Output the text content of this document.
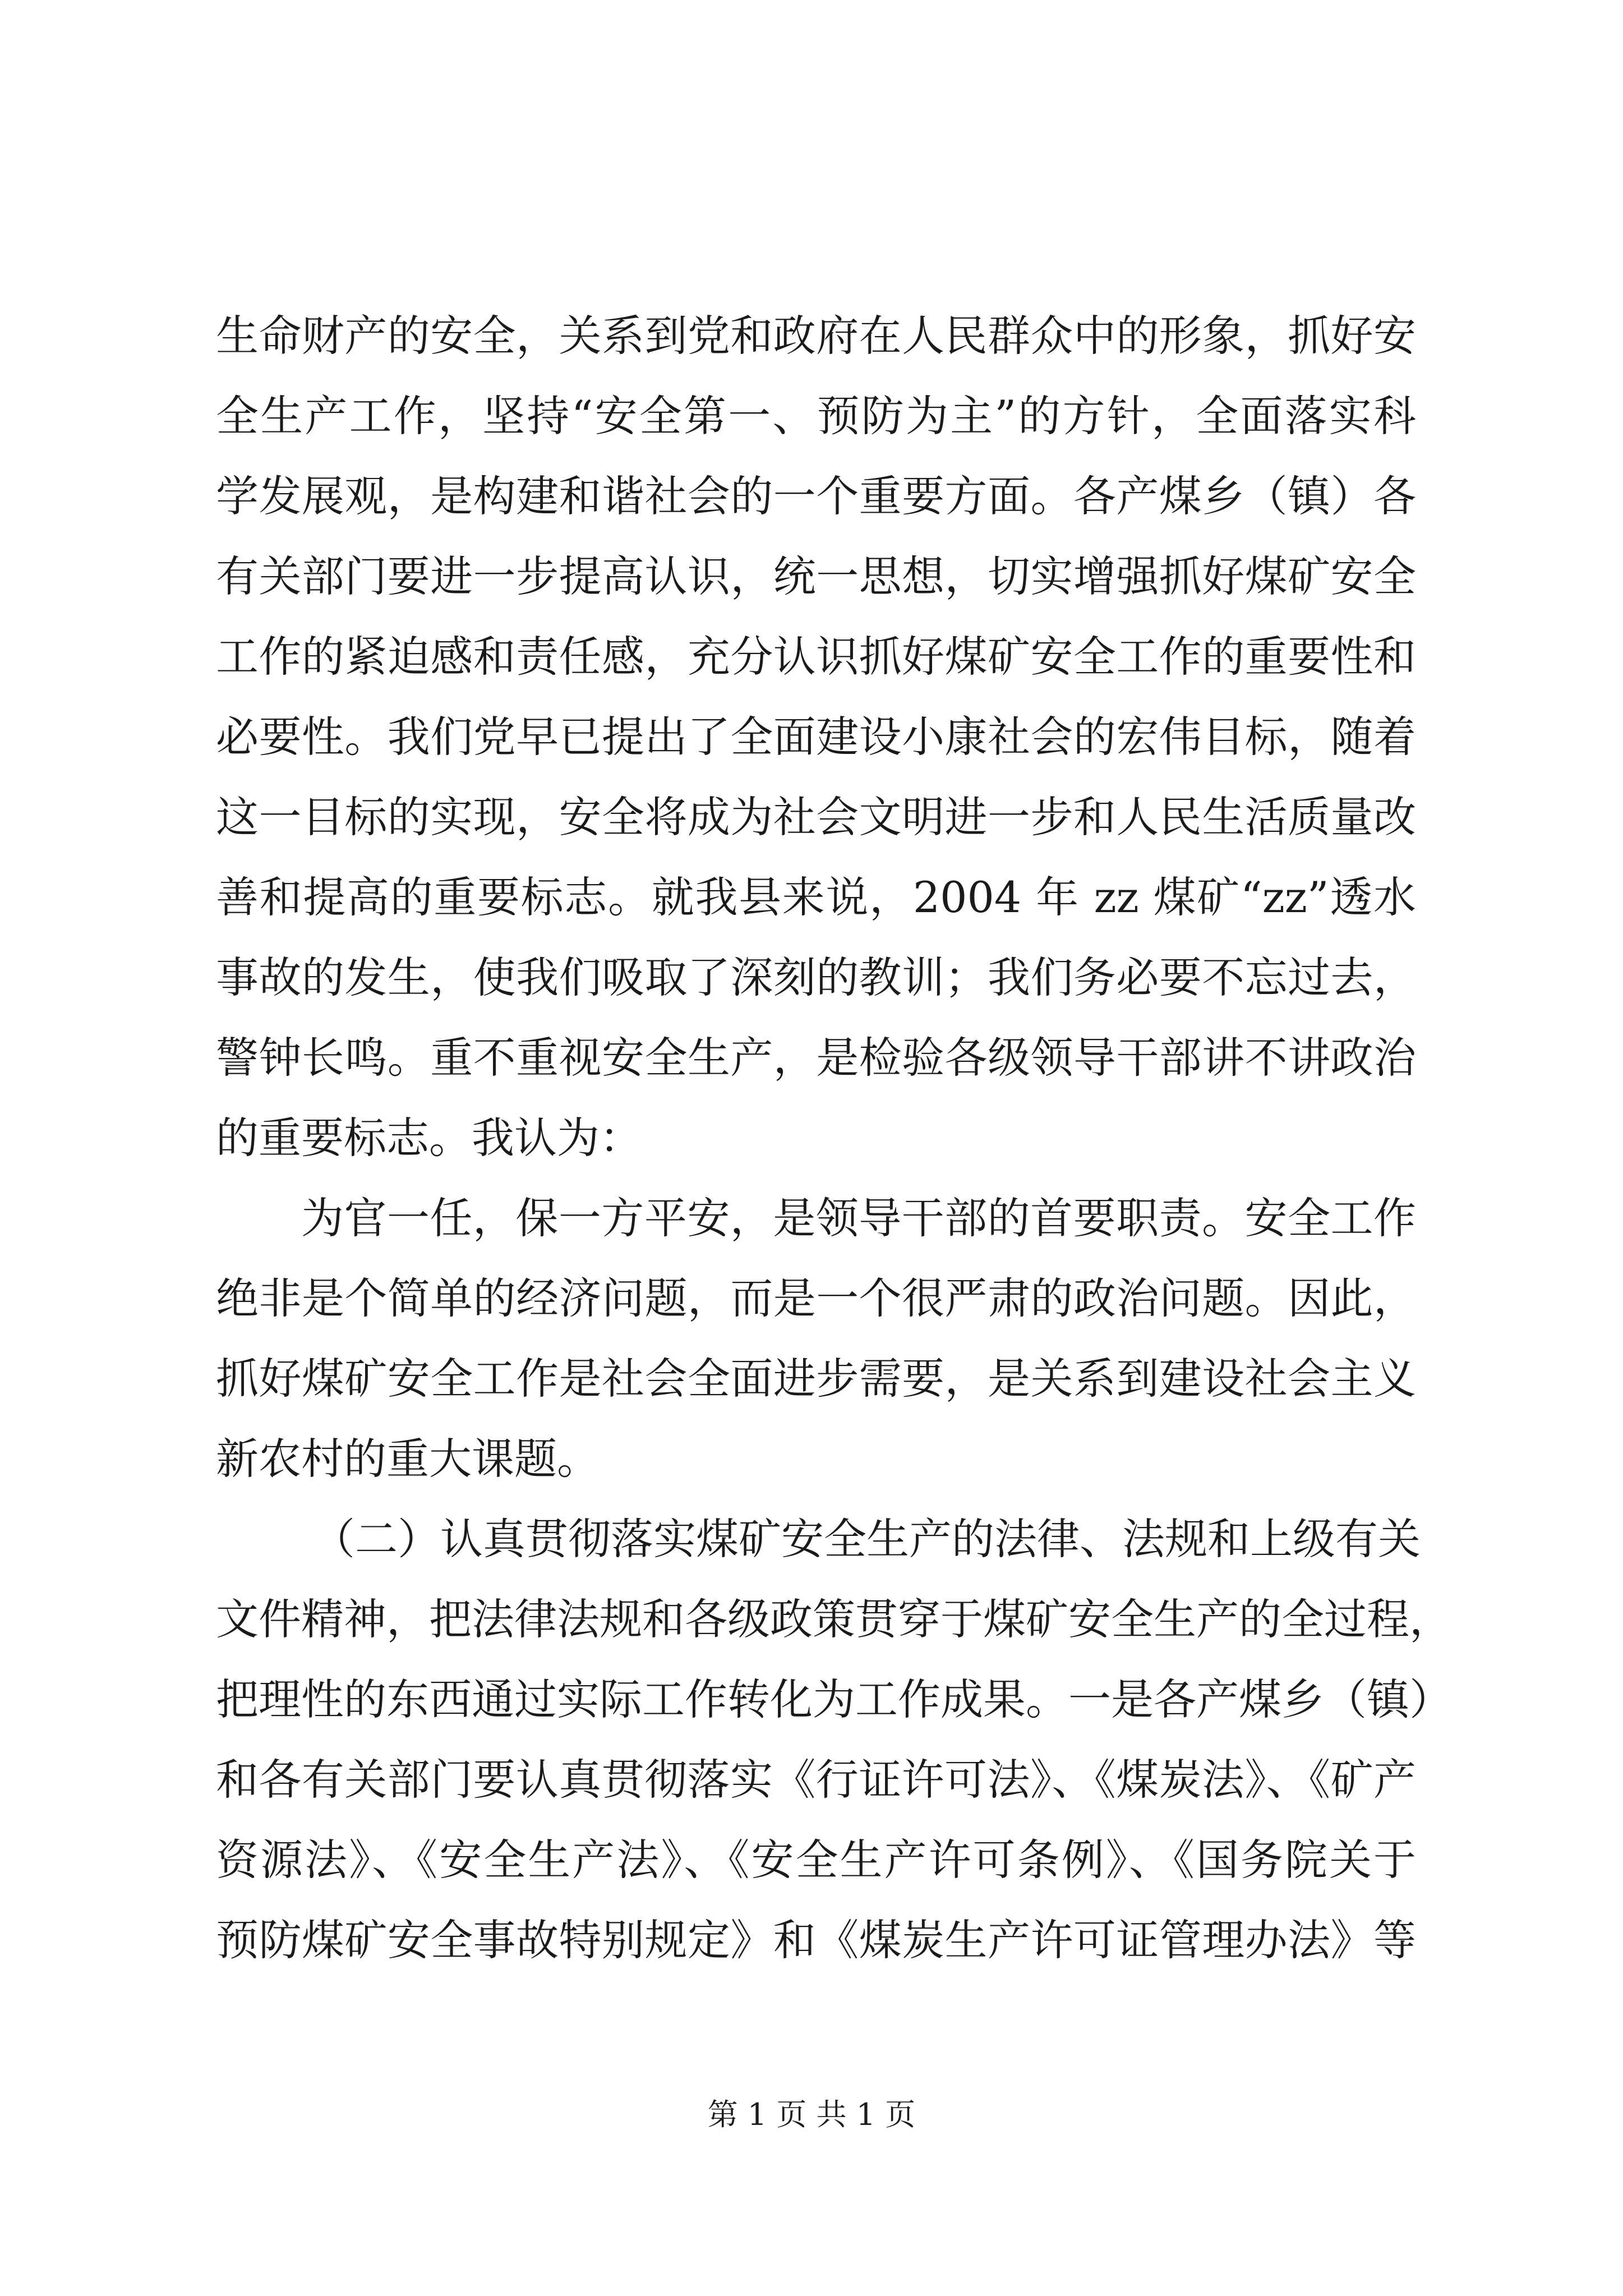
生命财产的安全，关系到党和政府在人民群众中的形象，抓好安
全生产工作，坚持“安全第一、预防为主”的方针，全面落实科
学发展观，是构建和谐社会的一个重要方面。各产煤乡（镇）各
有关部门要进一步提高认识，统一思想，切实增强抓好煤矿安全
工作的紧迫感和责任感，充分认识抓好煤矿安全工作的重要性和
必要性。我们党早已提出了全面建设小康社会的宏伟目标，随着
这一目标的实现，安全将成为社会文明进一步和人民生活质量改
善和提高的重要标志。就我县来说，2004 年 zz 煤矿“zz”透水
事故的发生，使我们吸取了深刻的教训；我们务必要不忘过去，
警钟长鸣。重不重视安全生产，是检验各级领导干部讲不讲政治
的重要标志。我认为：
为官一任，保一方平安，是领导干部的首要职责。安全工作
绝非是个简单的经济问题，而是一个很严肃的政治问题。因此，
抓好煤矿安全工作是社会全面进步需要，是关系到建设社会主义
新农村的重大课题。
（二）认真贯彻落实煤矿安全生产的法律、法规和上级有关
文件精神，把法律法规和各级政策贯穿于煤矿安全生产的全过程，
把理性的东西通过实际工作转化为工作成果。一是各产煤乡（镇）
和各有关部门要认真贯彻落实《行证许可法》、《煤炭法》、《矿产
资源法》、《安全生产法》、《安全生产许可条例》、《国务院关于
预防煤矿安全事故特别规定》和《煤炭生产许可证管理办法》等
第 1 页 共 1 页
